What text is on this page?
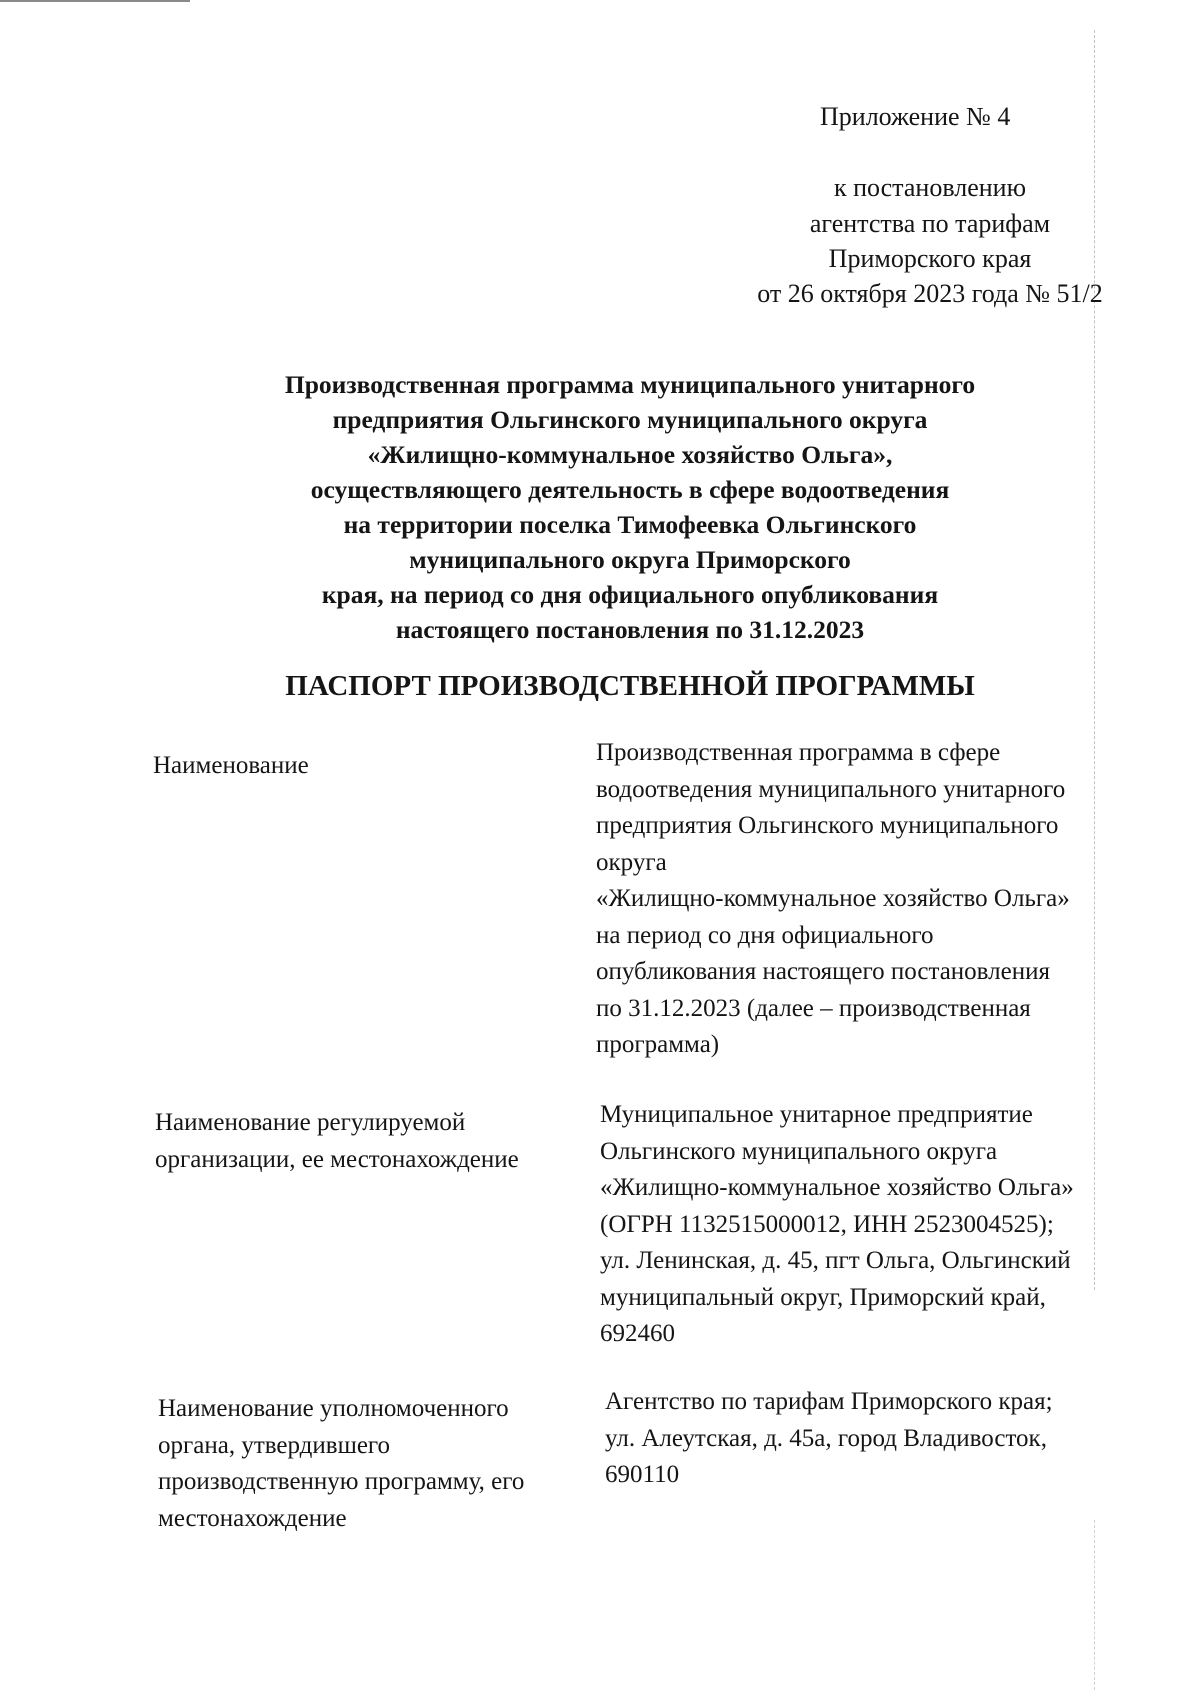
Приложение № 4
к постановлению
агентства по тарифам
Приморского края
от 26 октября 2023 года № 51/2
Производственная программа муниципального унитарного
предприятия Ольгинского муниципального округа
«Жилищно-коммунальное хозяйство Ольга»,
осуществляющего деятельность в сфере водоотведения
на территории поселка Тимофеевка Ольгинского
муниципального округа Приморского
края, на период со дня официального опубликования
настоящего постановления по 31.12.2023
ПАСПОРТ ПРОИЗВОДСТВЕННОЙ ПРОГРАММЫ
Наименование	Производственная программа в сфере
водоотведения муниципального унитарного
предприятия Ольгинского муниципального
округа
«Жилищно-коммунальное хозяйство Ольга»
на период со дня официального
опубликования настоящего постановления
по 31.12.2023 (далее – производственная
программа)
Наименование регулируемой
организации, ее местонахождение
Муниципальное унитарное предприятие
Ольгинского муниципального округа
«Жилищно-коммунальное хозяйство Ольга»
(ОГРН 1132515000012, ИНН 2523004525);
ул. Ленинская, д. 45, пгт Ольга, Ольгинский
муниципальный округ, Приморский край,
692460
Наименование уполномоченного
органа, утвердившего
производственную программу, его
местонахождение
Агентство по тарифам Приморского края;
ул. Алеутская, д. 45а, город Владивосток,
690110
